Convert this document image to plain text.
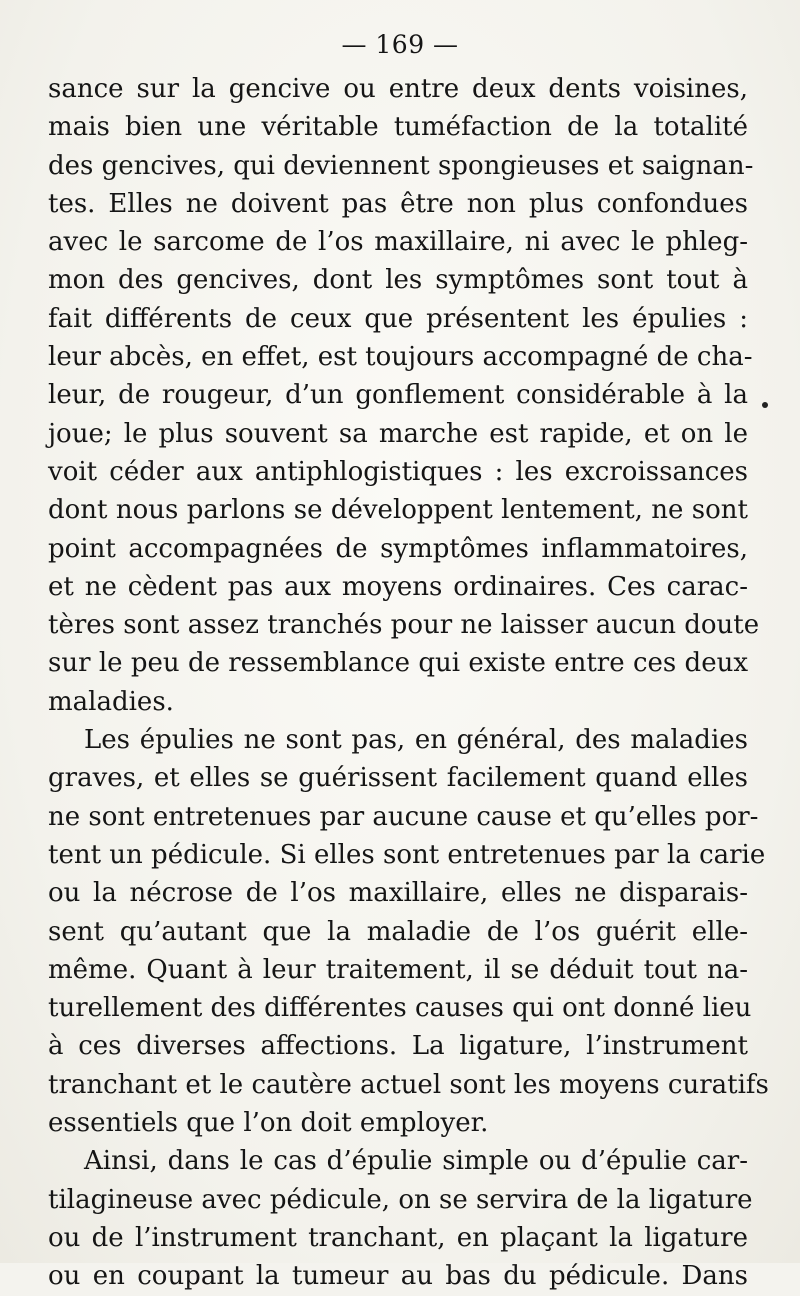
— 169 —
sance sur la gencive ou entre deux dents voisines,
mais bien une véritable tuméfaction de la totalité
des gencives, qui deviennent spongieuses et saignan-
tes. Elles ne doivent pas être non plus confondues
avec le sarcome de l’os maxillaire, ni avec le phleg-
mon des gencives, dont les symptômes sont tout à
fait différents de ceux que présentent les épulies :
leur abcès, en effet, est toujours accompagné de cha-
leur, de rougeur, d’un gonflement considérable à la
joue; le plus souvent sa marche est rapide, et on le
voit céder aux antiphlogistiques : les excroissances
dont nous parlons se développent lentement, ne sont
point accompagnées de symptômes inflammatoires,
et ne cèdent pas aux moyens ordinaires. Ces carac-
tères sont assez tranchés pour ne laisser aucun doute
sur le peu de ressemblance qui existe entre ces deux
maladies.
Les épulies ne sont pas, en général, des maladies
graves, et elles se guérissent facilement quand elles
ne sont entretenues par aucune cause et qu’elles por-
tent un pédicule. Si elles sont entretenues par la carie
ou la nécrose de l’os maxillaire, elles ne disparais-
sent qu’autant que la maladie de l’os guérit elle-
même. Quant à leur traitement, il se déduit tout na-
turellement des différentes causes qui ont donné lieu
à ces diverses affections. La ligature, l’instrument
tranchant et le cautère actuel sont les moyens curatifs
essentiels que l’on doit employer.
Ainsi, dans le cas d’épulie simple ou d’épulie car-
tilagineuse avec pédicule, on se servira de la ligature
ou de l’instrument tranchant, en plaçant la ligature
ou en coupant la tumeur au bas du pédicule. Dans
